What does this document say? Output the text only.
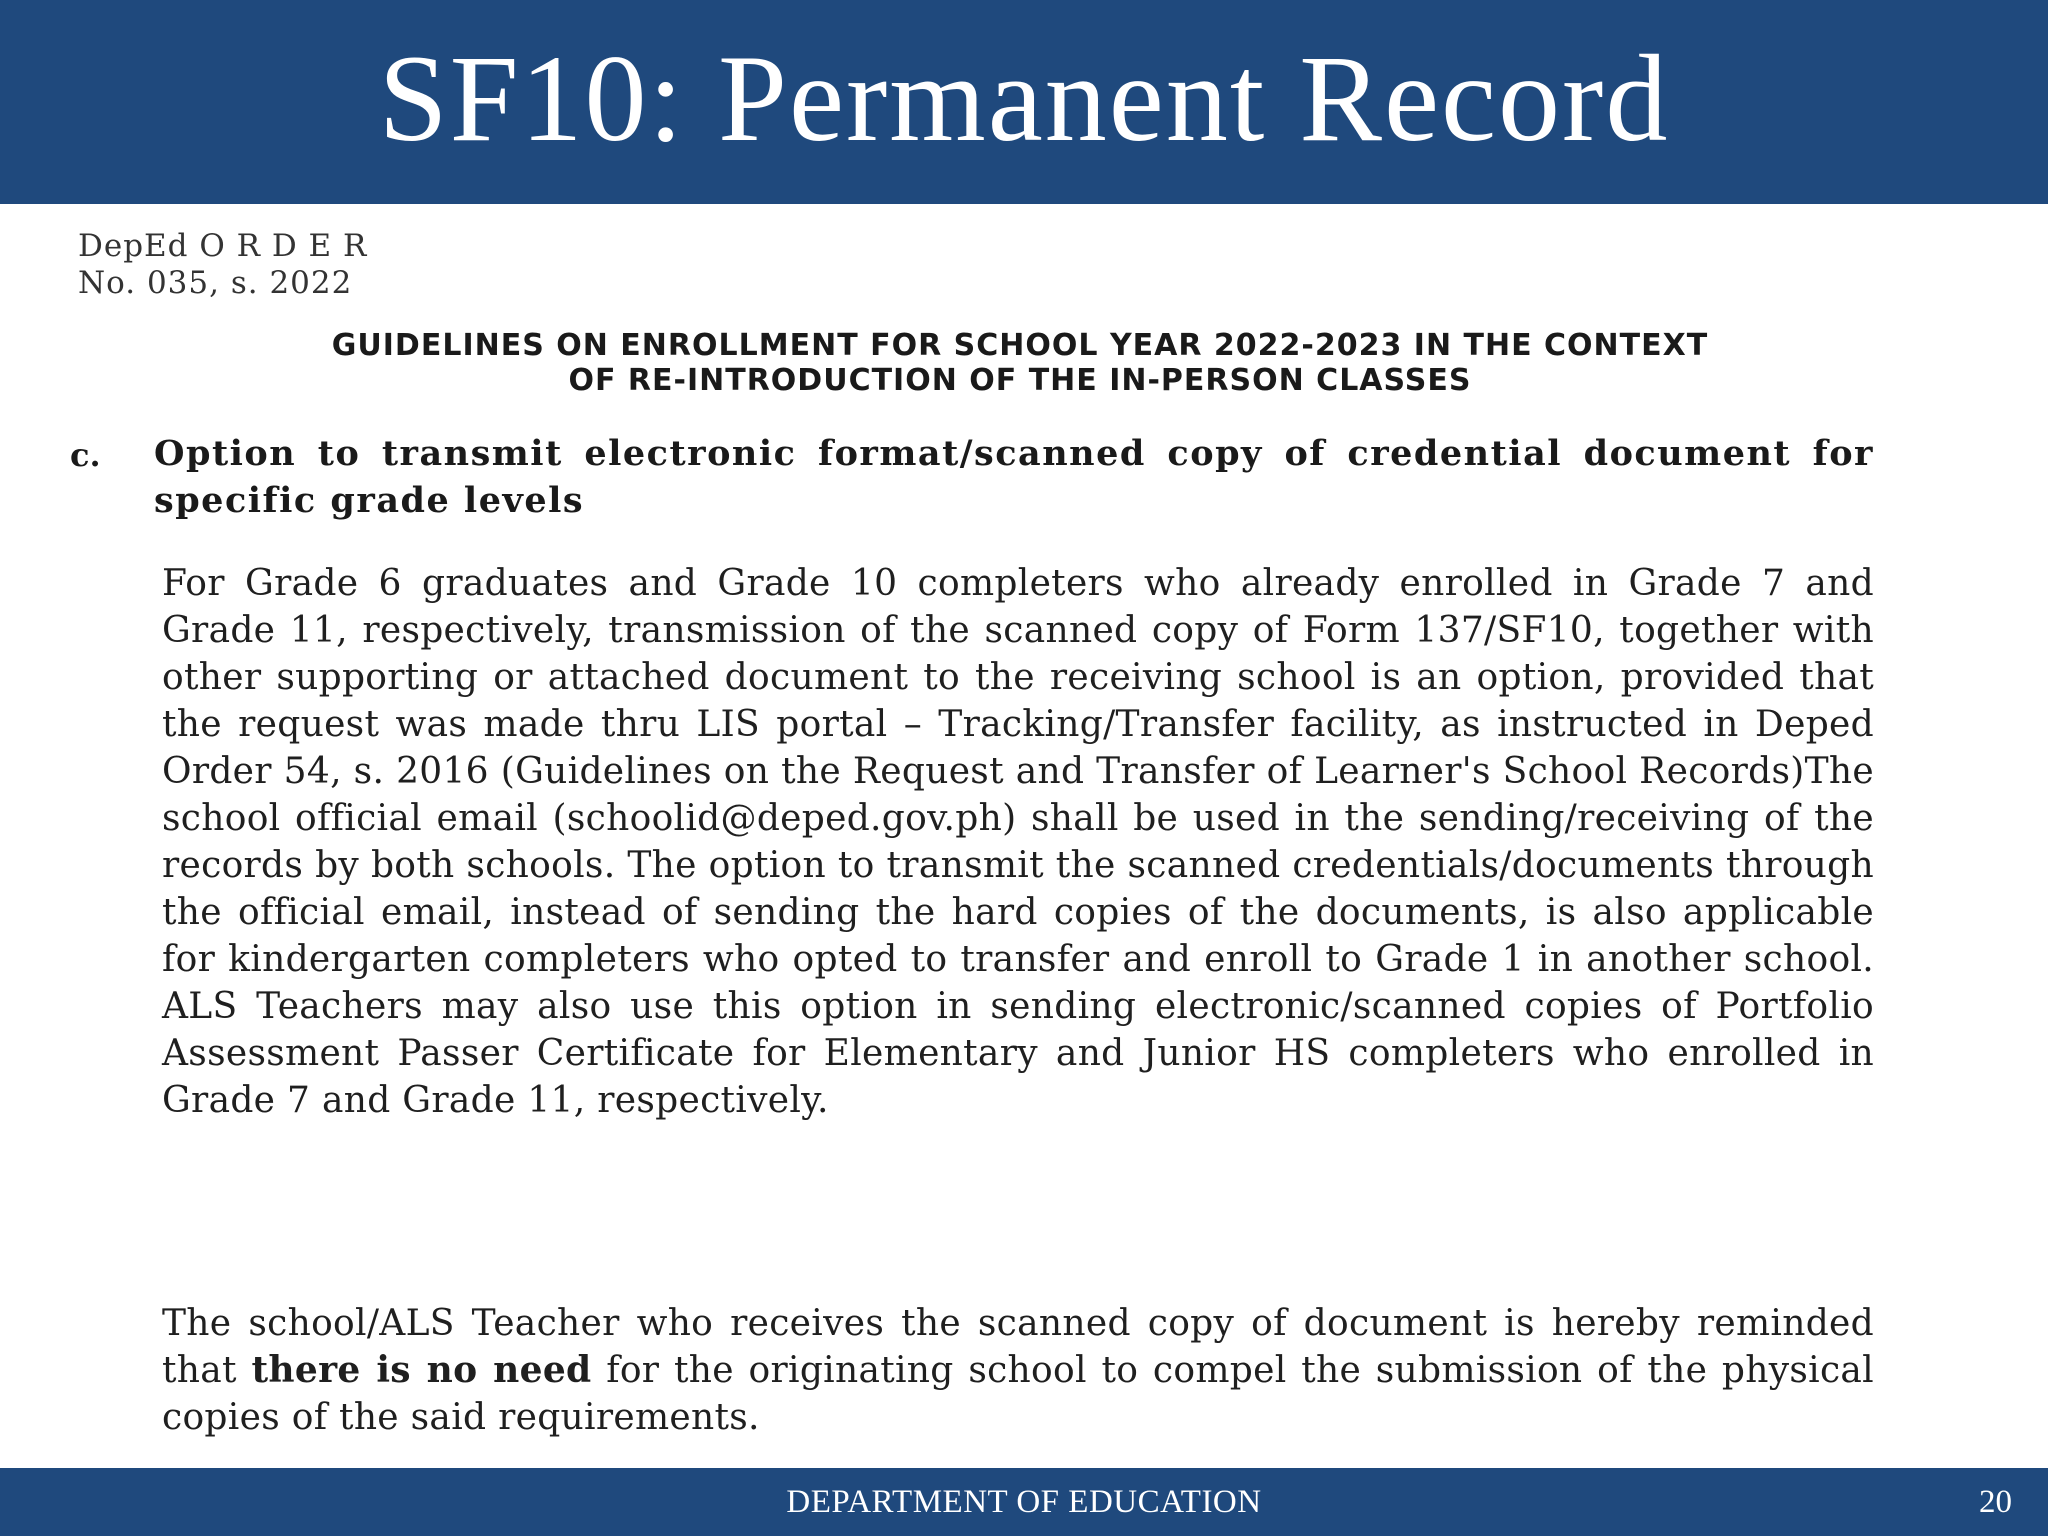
SF10: Permanent Record
DepEd O R D E R
No. 035, s. 2022
GUIDELINES ON ENROLLMENT FOR SCHOOL YEAR 2022-2023 IN THE CONTEXT
OF RE-INTRODUCTION OF THE IN-PERSON CLASSES
c. Option to transmit electronic format/scanned copy of credential document for specific grade levels
For Grade 6 graduates and Grade 10 completers who already enrolled in Grade 7 and Grade 11, respectively, transmission of the scanned copy of Form 137/SF10, together with other supporting or attached document to the receiving school is an option, provided that the request was made thru LIS portal – Tracking/Transfer facility, as instructed in Deped Order 54, s. 2016 (Guidelines on the Request and Transfer of Learner's School Records)The school official email (schoolid@deped.gov.ph) shall be used in the sending/receiving of the records by both schools. The option to transmit the scanned credentials/documents through the official email, instead of sending the hard copies of the documents, is also applicable for kindergarten completers who opted to transfer and enroll to Grade 1 in another school. ALS Teachers may also use this option in sending electronic/scanned copies of Portfolio Assessment Passer Certificate for Elementary and Junior HS completers who enrolled in Grade 7 and Grade 11, respectively.
The school/ALS Teacher who receives the scanned copy of document is hereby reminded that there is no need for the originating school to compel the submission of the physical copies of the said requirements.
DEPARTMENT OF EDUCATION	20
